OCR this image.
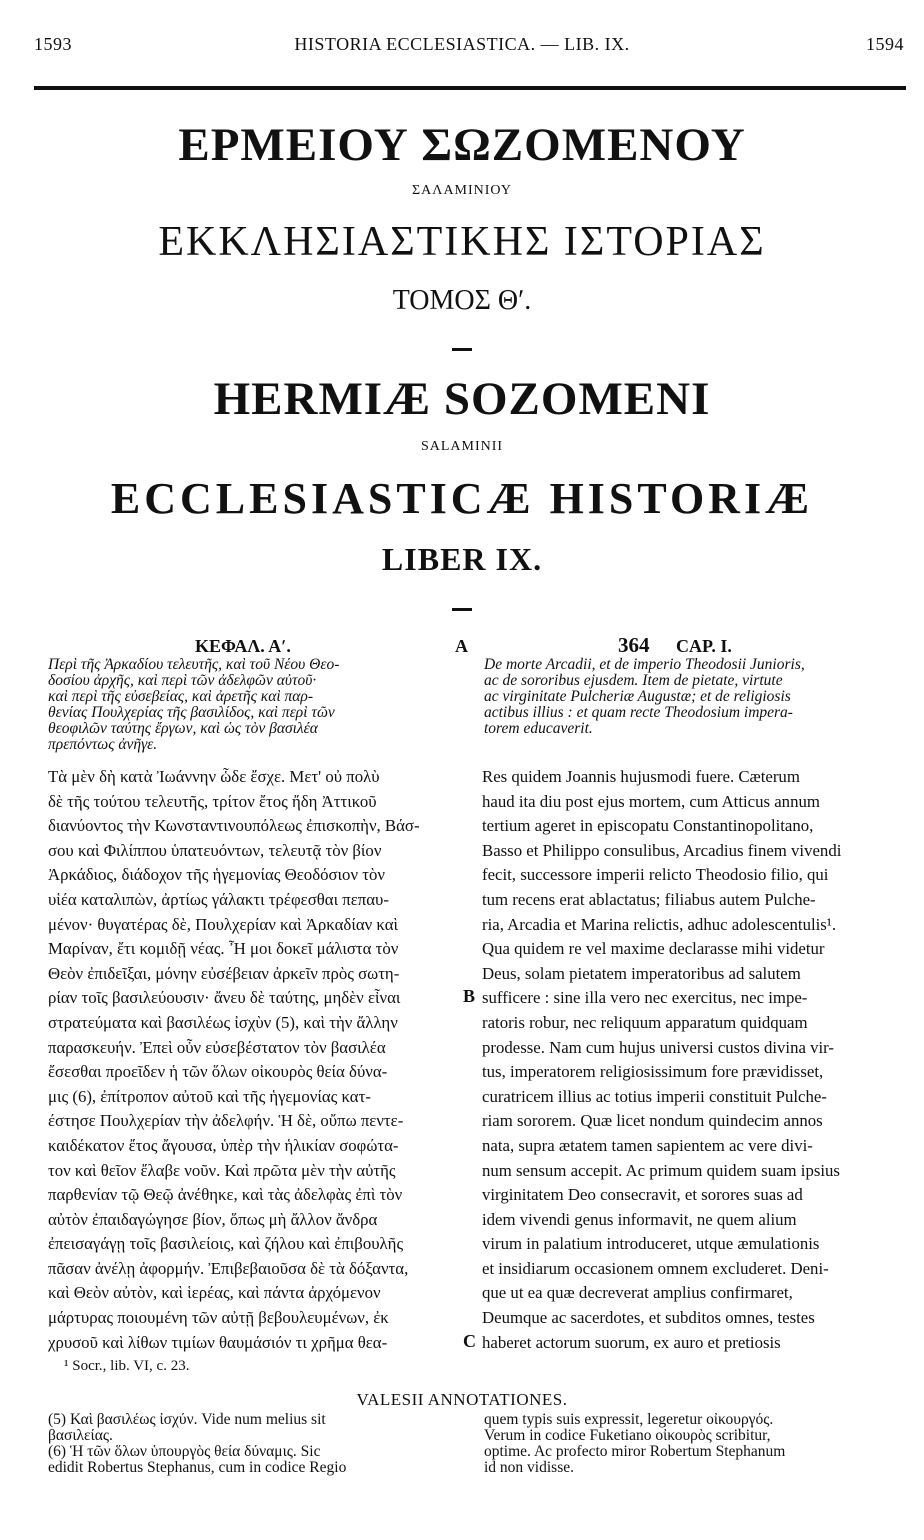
1593	HISTORIA ECCLESIASTICA. — LIB. IX.	1594
ΕΡΜΕΙΟΥ ΣΩΖΟΜΕΝΟΥ
ΣΑΛΑΜΙΝΙΟΥ
ΕΚΚΛΗΣΙΑΣΤΙΚΗΣ ΙΣΤΟΡΙΑΣ
ΤΟΜΟΣ Θʹ.
HERMIÆ SOZOMENI
SALAMINII
ECCLESIASTICÆ HISTORIÆ
LIBER IX.
ΚΕΦΑΛ. Αʹ.	A	364 CAP. I.
Περὶ τῆς Ἀρκαδίου τελευτῆς, καὶ τοῦ Νέου Θεο-
δοσίου ἀρχῆς, καὶ περὶ τῶν ἀδελφῶν αὐτοῦ·
καὶ περὶ τῆς εὐσεβείας, καὶ ἀρετῆς καὶ παρ-
θενίας Πουλχερίας τῆς βασιλίδος, καὶ περὶ τῶν
θεοφιλῶν ταύτης ἔργων, καὶ ὡς τὸν βασιλέα
πρεπόντως ἀνῆγε.
De morte Arcadii, et de imperio Theodosii Junioris,
ac de sororibus ejusdem. Item de pietate, virtute
ac virginitate Pulcheriæ Augustæ; et de religiosis
actibus illius : et quam recte Theodosium impera-
torem educaverit.
Τὰ μὲν δὴ κατὰ Ἰωάννην ὧδε ἔσχε. Μετ' οὐ πολὺ
δὲ τῆς τούτου τελευτῆς, τρίτον ἔτος ἤδη Ἀττικοῦ
διανύοντος τὴν Κωνσταντινουπόλεως ἐπισκοπὴν, Βάσ-
σου καὶ Φιλίππου ὑπατευόντων, τελευτᾷ τὸν βίον
Ἀρκάδιος, διάδοχον τῆς ἡγεμονίας Θεοδόσιον τὸν
υἱέα καταλιπὼν, ἀρτίως γάλακτι τρέφεσθαι πεπαυ-
μένον· θυγατέρας δὲ, Πουλχερίαν καὶ Ἀρκαδίαν καὶ
Μαρίναν, ἔτι κομιδῇ νέας. Ἦ μοι δοκεῖ μάλιστα τὸν
Θεὸν ἐπιδεῖξαι, μόνην εὐσέβειαν ἀρκεῖν πρὸς σωτη-
ρίαν τοῖς βασιλεύουσιν· ἄνευ δὲ ταύτης, μηδὲν εἶναι
στρατεύματα καὶ βασιλέως ἰσχὺν (5), καὶ τὴν ἄλλην
παρασκευήν. Ἐπεὶ οὖν εὐσεβέστατον τὸν βασιλέα
ἔσεσθαι προεῖδεν ἡ τῶν ὅλων οἰκουρὸς θεία δύνα-
μις (6), ἐπίτροπον αὐτοῦ καὶ τῆς ἡγεμονίας κατ-
έστησε Πουλχερίαν τὴν ἀδελφήν. Ἡ δὲ, οὔπω πεντε-
καιδέκατον ἔτος ἄγουσα, ὑπὲρ τὴν ἡλικίαν σοφώτα-
τον καὶ θεῖον ἔλαβε νοῦν. Καὶ πρῶτα μὲν τὴν αὐτῆς
παρθενίαν τῷ Θεῷ ἀνέθηκε, καὶ τὰς ἀδελφὰς ἐπὶ τὸν
αὐτὸν ἐπαιδαγώγησε βίον, ὅπως μὴ ἄλλον ἄνδρα
ἐπεισαγάγῃ τοῖς βασιλείοις, καὶ ζήλου καὶ ἐπιβουλῆς
πᾶσαν ἀνέλῃ ἀφορμήν. Ἐπιβεβαιοῦσα δὲ τὰ δόξαντα,
καὶ Θεὸν αὐτὸν, καὶ ἱερέας, καὶ πάντα ἀρχόμενον
μάρτυρας ποιουμένη τῶν αὐτῇ βεβουλευμένων, ἐκ
χρυσοῦ καὶ λίθων τιμίων θαυμάσιόν τι χρῆμα θεα-
B
C
Res quidem Joannis hujusmodi fuere. Cæterum
haud ita diu post ejus mortem, cum Atticus annum
tertium ageret in episcopatu Constantinopolitano,
Basso et Philippo consulibus, Arcadius finem vivendi
fecit, successore imperii relicto Theodosio filio, qui
tum recens erat ablactatus; filiabus autem Pulche-
ria, Arcadia et Marina relictis, adhuc adolescentulis¹.
Qua quidem re vel maxime declarasse mihi videtur
Deus, solam pietatem imperatoribus ad salutem
sufficere : sine illa vero nec exercitus, nec impe-
ratoris robur, nec reliquum apparatum quidquam
prodesse. Nam cum hujus universi custos divina vir-
tus, imperatorem religiosissimum fore prævidisset,
curatricem illius ac totius imperii constituit Pulche-
riam sororem. Quæ licet nondum quindecim annos
nata, supra ætatem tamen sapientem ac vere divi-
num sensum accepit. Ac primum quidem suam ipsius
virginitatem Deo consecravit, et sorores suas ad
idem vivendi genus informavit, ne quem alium
virum in palatium introduceret, utque æmulationis
et insidiarum occasionem omnem excluderet. Deni-
que ut ea quæ decreverat amplius confirmaret,
Deumque ac sacerdotes, et subditos omnes, testes
haberet actorum suorum, ex auro et pretiosis
¹ Socr., lib. VI, c. 23.
VALESII ANNOTATIONES.
(5) Καὶ βασιλέως ἰσχύν. Vide num melius sit
βασιλείας.
(6) Ἡ τῶν ὅλων ὑπουργὸς θεία δύναμις. Sic
edidit Robertus Stephanus, cum in codice Regio
quem typis suis expressit, legeretur οἰκουργός.
Verum in codice Fuketiano οἰκουρὸς scribitur,
optime. Ac profecto miror Robertum Stephanum
id non vidisse.
